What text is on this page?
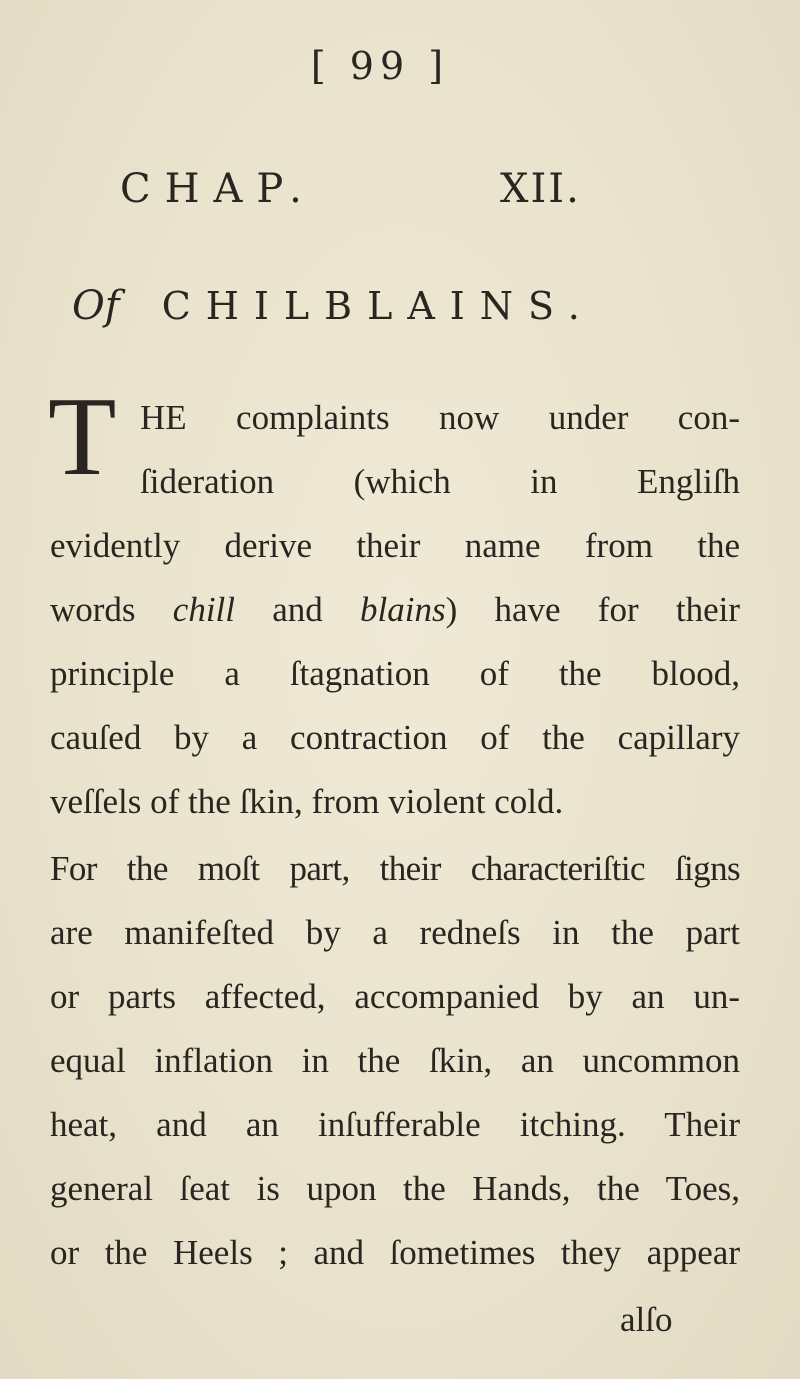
[ 99 ]
CHAP.	XII.
Of CHILBLAINS.
T HE complaints now under con-
ſideration (which in Engliſh
evidently derive their name from the
words chill and blains) have for their
principle a ſtagnation of the blood,
cauſed by a contraction of the capillary
veſſels of the ſkin, from violent cold.
For the moſt part, their characteriſtic ſigns
are manifeſted by a redneſs in the part
or parts affected, accompanied by an un-
equal inflation in the ſkin, an uncommon
heat, and an inſufferable itching. Their
general ſeat is upon the Hands, the Toes,
or the Heels ; and ſometimes they appear
alſo
